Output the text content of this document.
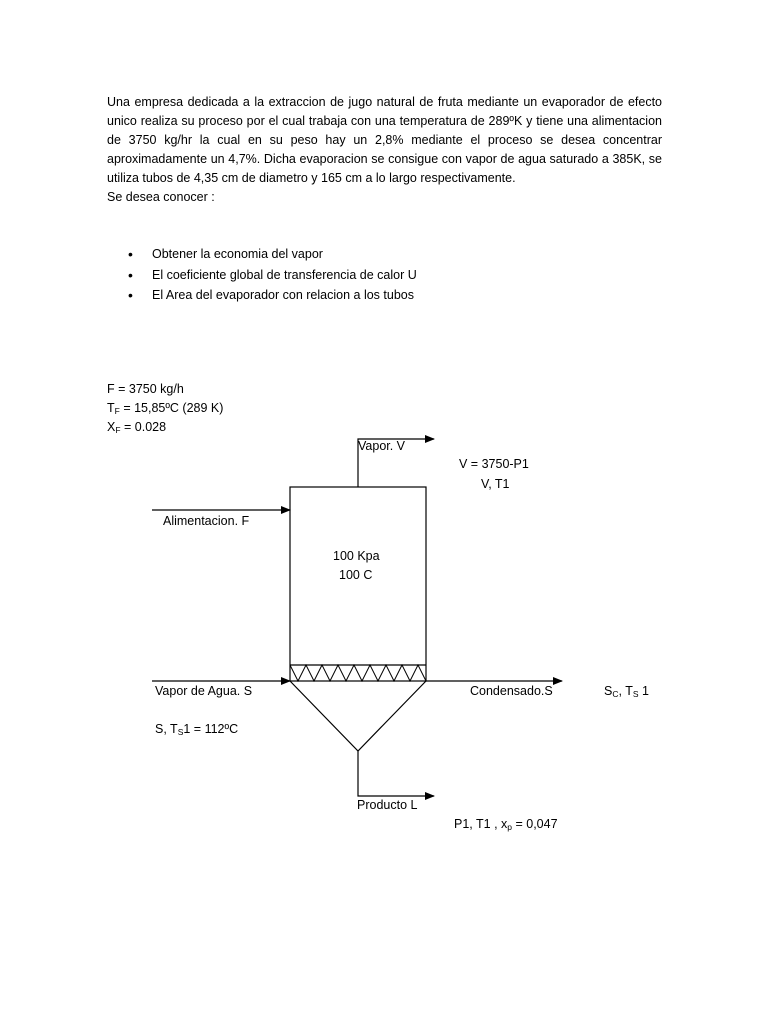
Una empresa dedicada a la extraccion de jugo natural de fruta mediante un evaporador de efecto unico realiza su proceso por el cual trabaja con una temperatura de 289ºK y tiene una alimentacion de 3750 kg/hr la cual en su peso hay un 2,8% mediante el proceso se desea concentrar aproximadamente un 4,7%. Dicha evaporacion se consigue con vapor de agua saturado a 385K, se utiliza tubos de 4,35 cm de diametro y 165 cm a lo largo respectivamente.

Se desea conocer :

• Obtener la economia del vapor
• El coeficiente global de transferencia de calor U
• El Area del evaporador con relacion a los tubos
F = 3750 kg/h
$T_F$ = 15,85ºC (289 K)
$X_F = 0.028$
Vapor. V
V = 3750-P1
V, T1
Alimentacion. F
100 Kpa
100 C
Vapor de Agua. S
S, $T_S1$ = 112ºC
Condensado.S	$S_C$, $T_S$ 1
Producto L
P1, T1 , $x_p = 0,047$
